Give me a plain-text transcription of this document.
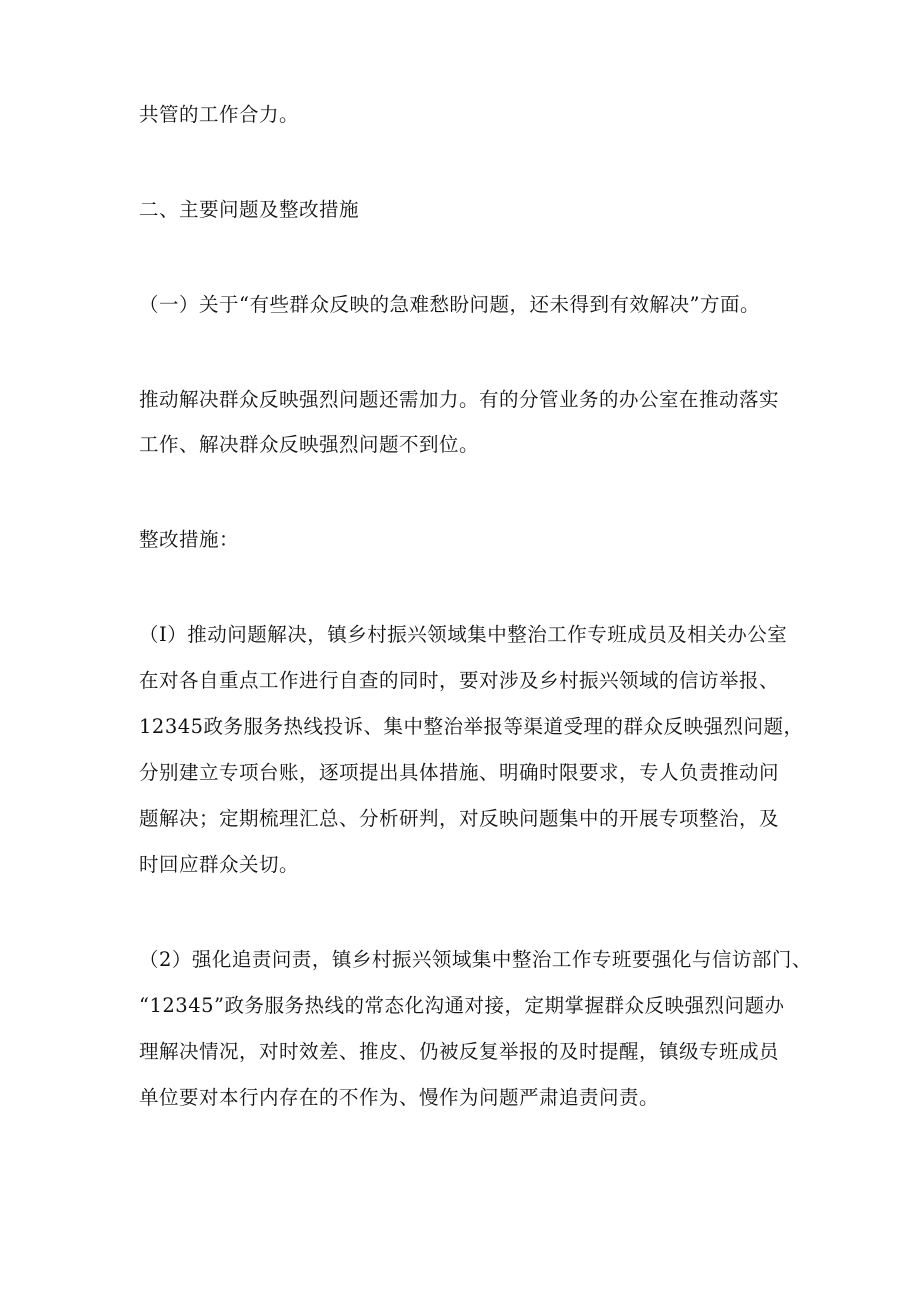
共管的工作合力。

二、主要问题及整改措施

（一）关于“有些群众反映的急难愁盼问题，还未得到有效解决”方面。

推动解决群众反映强烈问题还需加力。有的分管业务的办公室在推动落实

工作、解决群众反映强烈问题不到位。

整改措施：

（I）推动问题解决，镇乡村振兴领域集中整治工作专班成员及相关办公室

在对各自重点工作进行自查的同时，要对涉及乡村振兴领域的信访举报、

12345政务服务热线投诉、集中整治举报等渠道受理的群众反映强烈问题，

分别建立专项台账，逐项提出具体措施、明确时限要求，专人负责推动问

题解决；定期梳理汇总、分析研判，对反映问题集中的开展专项整治，及

时回应群众关切。

（2）强化追责问责，镇乡村振兴领域集中整治工作专班要强化与信访部门、

“12345”政务服务热线的常态化沟通对接，定期掌握群众反映强烈问题办

理解决情况，对时效差、推皮、仍被反复举报的及时提醒，镇级专班成员

单位要对本行内存在的不作为、慢作为问题严肃追责问责。
